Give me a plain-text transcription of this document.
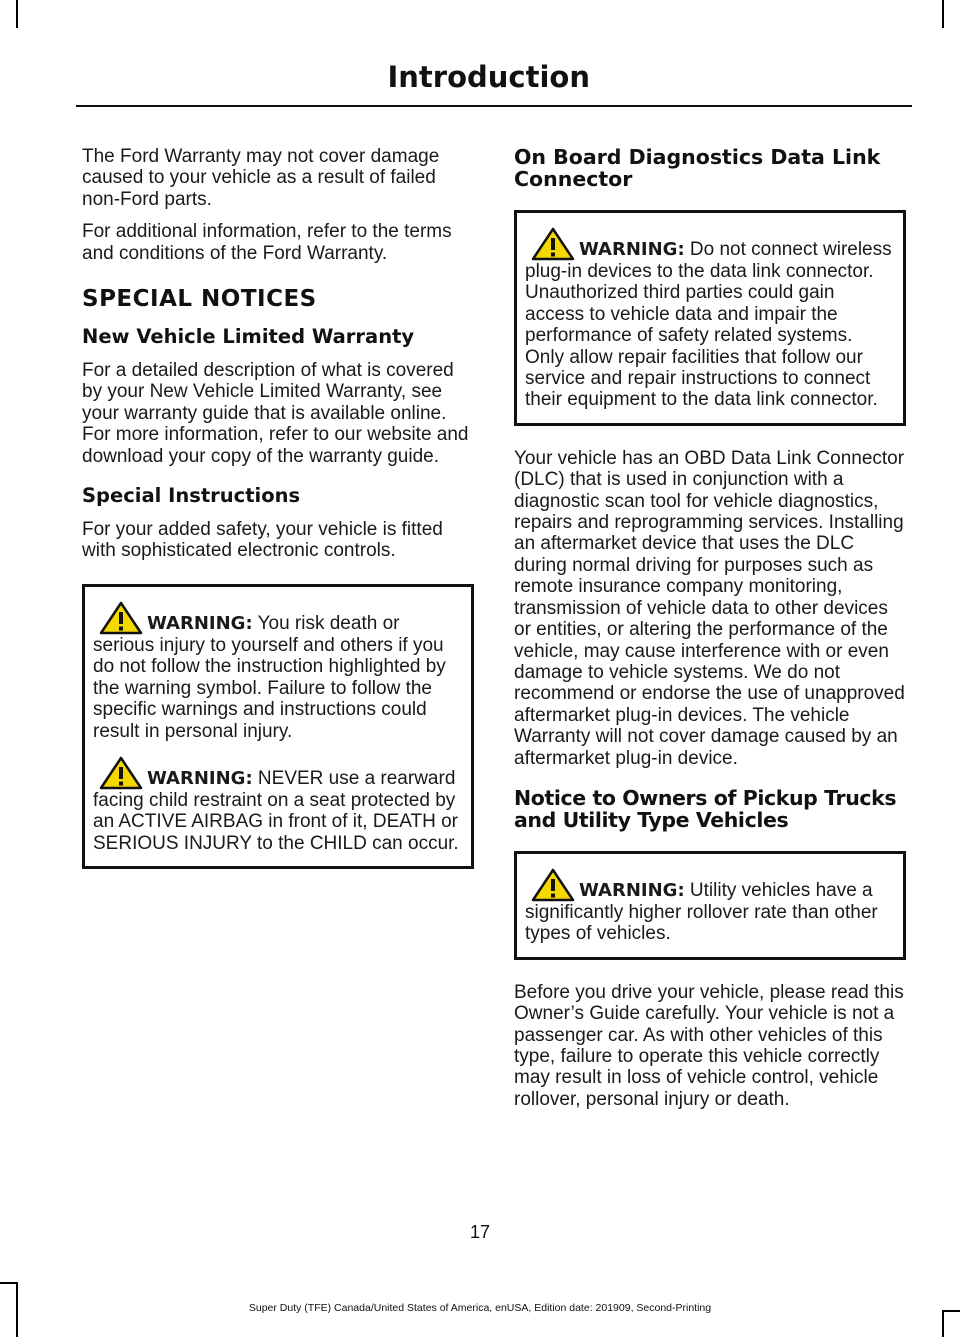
Introduction

The Ford Warranty may not cover damage caused to your vehicle as a result of failed non-Ford parts.

For additional information, refer to the terms and conditions of the Ford Warranty.

SPECIAL NOTICES
New Vehicle Limited Warranty

For a detailed description of what is covered by your New Vehicle Limited Warranty, see your warranty guide that is available online. For more information, refer to our website and download your copy of the warranty guide.

Special Instructions

For your added safety, your vehicle is fitted with sophisticated electronic controls.

WARNING: You risk death or serious injury to yourself and others if you do not follow the instruction highlighted by the warning symbol. Failure to follow the specific warnings and instructions could result in personal injury.
WARNING: NEVER use a rearward facing child restraint on a seat protected by an ACTIVE AIRBAG in front of it, DEATH or SERIOUS INJURY to the CHILD can occur.
On Board Diagnostics Data Link Connector
WARNING: Do not connect wireless plug-in devices to the data link connector. Unauthorized third parties could gain access to vehicle data and impair the performance of safety related systems. Only allow repair facilities that follow our service and repair instructions to connect their equipment to the data link connector.

Your vehicle has an OBD Data Link Connector (DLC) that is used in conjunction with a diagnostic scan tool for vehicle diagnostics, repairs and reprogramming services. Installing an aftermarket device that uses the DLC during normal driving for purposes such as remote insurance company monitoring, transmission of vehicle data to other devices or entities, or altering the performance of the vehicle, may cause interference with or even damage to vehicle systems. We do not recommend or endorse the use of unapproved aftermarket plug-in devices. The vehicle Warranty will not cover damage caused by an aftermarket plug-in device.

Notice to Owners of Pickup Trucks and Utility Type Vehicles
WARNING: Utility vehicles have a significantly higher rollover rate than other types of vehicles.

Before you drive your vehicle, please read this Owner’s Guide carefully. Your vehicle is not a passenger car. As with other vehicles of this type, failure to operate this vehicle correctly may result in loss of vehicle control, vehicle rollover, personal injury or death.

17
Super Duty (TFE) Canada/United States of America, enUSA, Edition date: 201909, Second-Printing
